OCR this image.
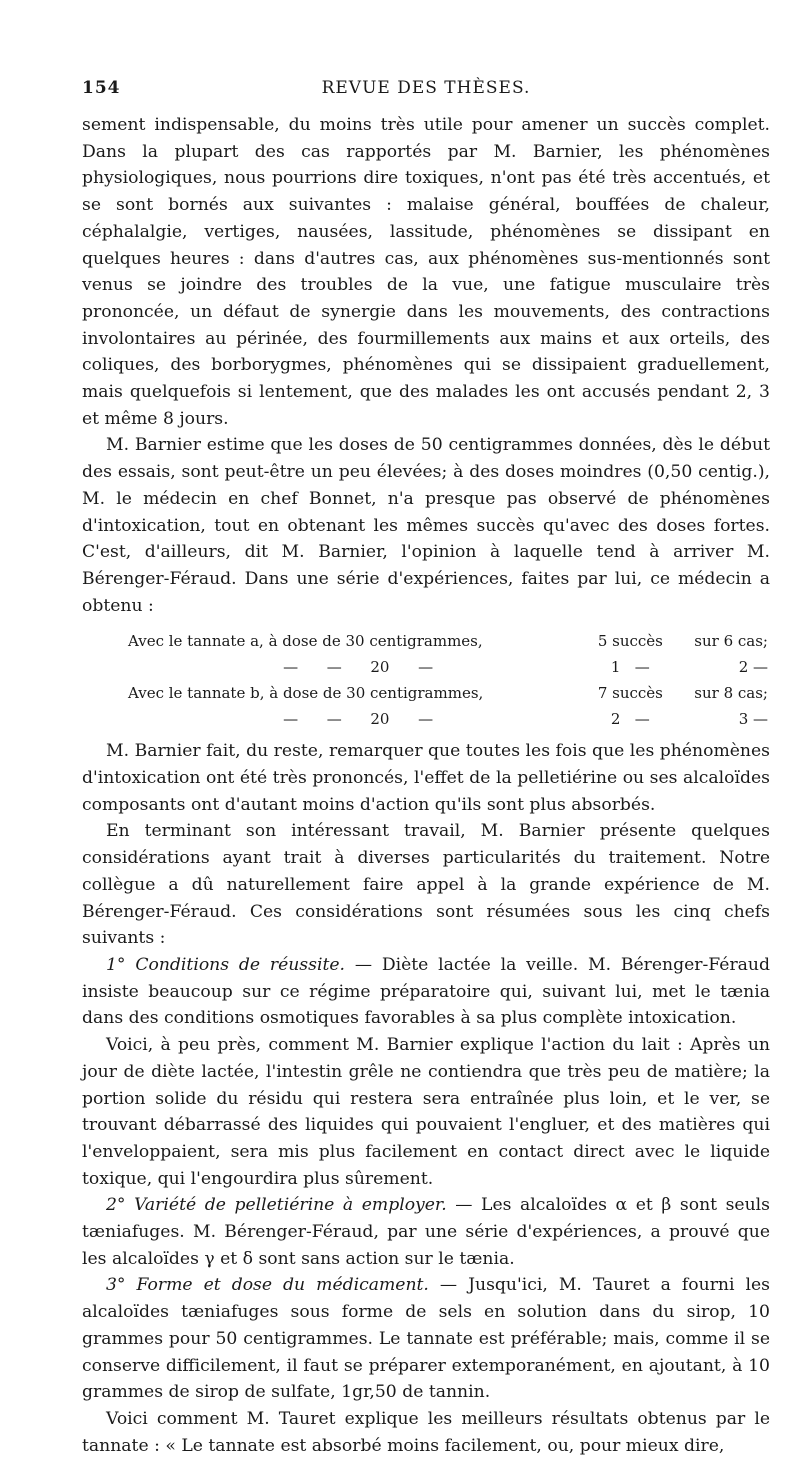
154	REVUE DES THÈSES.

sement indispensable, du moins très utile pour amener un succès complet. Dans la plupart des cas rapportés par M. Barnier, les phénomènes physiologiques, nous pourrions dire toxiques, n'ont pas été très accentués, et se sont bornés aux suivantes : malaise général, bouffées de chaleur, céphalalgie, vertiges, nausées, lassitude, phénomènes se dissipant en quelques heures : dans d'autres cas, aux phénomènes sus-mentionnés sont venus se joindre des troubles de la vue, une fatigue musculaire très prononcée, un défaut de synergie dans les mouvements, des contractions involontaires au périnée, des fourmillements aux mains et aux orteils, des coliques, des borborygmes, phénomènes qui se dissipaient graduellement, mais quelquefois si lentement, que des malades les ont accusés pendant 2, 3 et même 8 jours.

M. Barnier estime que les doses de 50 centigrammes données, dès le début des essais, sont peut-être un peu élevées; à des doses moindres (0,50 centig.), M. le médecin en chef Bonnet, n'a presque pas observé de phénomènes d'intoxication, tout en obtenant les mêmes succès qu'avec des doses fortes. C'est, d'ailleurs, dit M. Barnier, l'opinion à laquelle tend à arriver M. Bérenger-Féraud. Dans une série d'expériences, faites par lui, ce médecin a obtenu :

Avec le tannate a, à dose de 30 centigrammes,	5 succès	sur 6 cas;
—      —      20      —	1   —	2 —
Avec le tannate b, à dose de 30 centigrammes,	7 succès	sur 8 cas;
—      —      20      —	2   —	3 —

M. Barnier fait, du reste, remarquer que toutes les fois que les phénomènes d'intoxication ont été très prononcés, l'effet de la pelletiérine ou ses alcaloïdes composants ont d'autant moins d'action qu'ils sont plus absorbés.

En terminant son intéressant travail, M. Barnier présente quelques considérations ayant trait à diverses particularités du traitement. Notre collègue a dû naturellement faire appel à la grande expérience de M. Bérenger-Féraud. Ces considérations sont résumées sous les cinq chefs suivants :

1° Conditions de réussite. — Diète lactée la veille. M. Bérenger-Féraud insiste beaucoup sur ce régime préparatoire qui, suivant lui, met le tænia dans des conditions osmotiques favorables à sa plus complète intoxication.

Voici, à peu près, comment M. Barnier explique l'action du lait : Après un jour de diète lactée, l'intestin grêle ne contiendra que très peu de matière; la portion solide du résidu qui restera sera entraînée plus loin, et le ver, se trouvant débarrassé des liquides qui pouvaient l'engluer, et des matières qui l'enveloppaient, sera mis plus facilement en contact direct avec le liquide toxique, qui l'engourdira plus sûrement.

2° Variété de pelletiérine à employer. — Les alcaloïdes α et β sont seuls tæniafuges. M. Bérenger-Féraud, par une série d'expériences, a prouvé que les alcaloïdes γ et δ sont sans action sur le tænia.

3° Forme et dose du médicament. — Jusqu'ici, M. Tauret a fourni les alcaloïdes tæniafuges sous forme de sels en solution dans du sirop, 10 grammes pour 50 centigrammes. Le tannate est préférable; mais, comme il se conserve difficilement, il faut se préparer extemporanément, en ajoutant, à 10 grammes de sirop de sulfate, 1gr,50 de tannin.

Voici comment M. Tauret explique les meilleurs résultats obtenus par le tannate : « Le tannate est absorbé moins facilement, ou, pour mieux dire,
